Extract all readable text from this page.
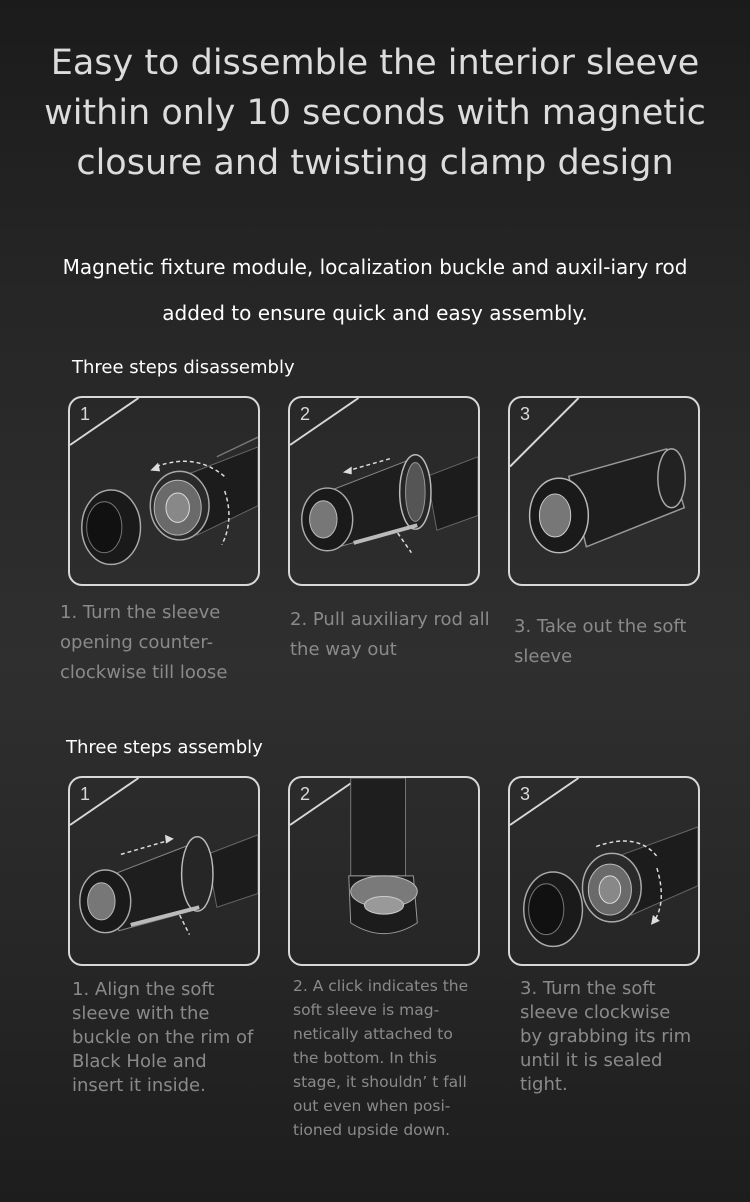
Easy to dissemble the interior sleeve within only 10 seconds with magnetic closure and twisting clamp design

Magnetic fixture module, localization buckle and auxil-iary rod added to ensure quick and easy assembly.

Three steps disassembly
1	2	3

1. Turn the sleeve opening counter-clockwise till loose

2. Pull auxiliary rod all the way out

3. Take out the soft sleeve

Three steps assembly
1	2	3

1. Align the soft sleeve with the buckle on the rim of Black Hole and insert it inside.

2. A click indicates the soft sleeve is mag-netically attached to the bottom. In this stage, it shouldn’ t fall out even when posi-tioned upside down.

3. Turn the soft sleeve clockwise by grabbing its rim until it is sealed tight.
